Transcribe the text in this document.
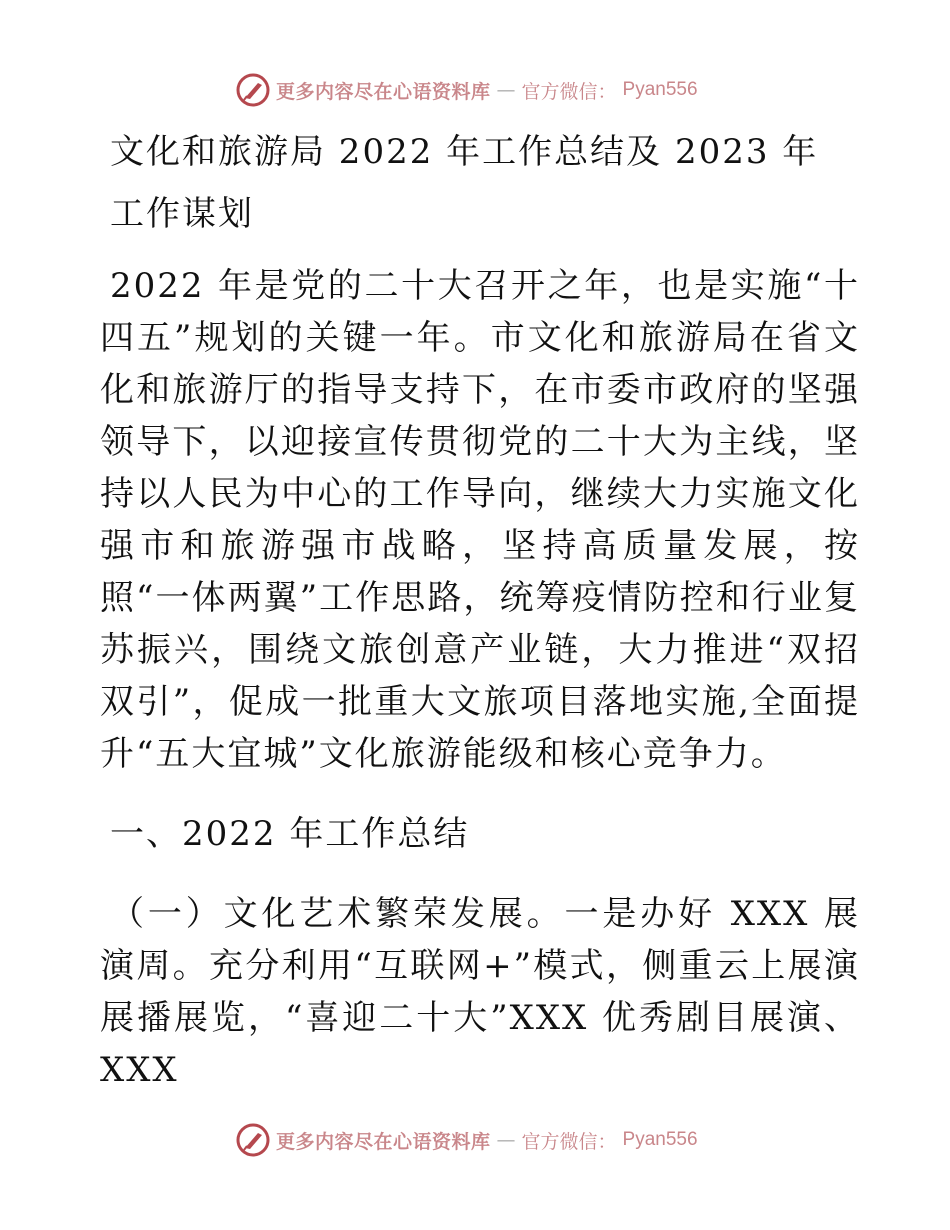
更多内容尽在心语资料库 — 官方微信： Pyan556

文化和旅游局 2022 年工作总结及 2023 年

工作谋划

2022 年是党的二十大召开之年，也是实施“十四五”规划的关键一年。市文化和旅游局在省文化和旅游厅的指导支持下，在市委市政府的坚强领导下，以迎接宣传贯彻党的二十大为主线，坚持以人民为中心的工作导向，继续大力实施文化强市和旅游强市战略，坚持高质量发展，按照“一体两翼”工作思路，统筹疫情防控和行业复苏振兴，围绕文旅创意产业链，大力推进“双招双引”，促成一批重大文旅项目落地实施,全面提升“五大宜城”文化旅游能级和核心竞争力。

一、2022 年工作总结

（一）文化艺术繁荣发展。一是办好 XXX 展演周。充分利用“互联网+”模式，侧重云上展演展播展览，“喜迎二十大”XXX 优秀剧目展演、XXX

更多内容尽在心语资料库 — 官方微信： Pyan556
